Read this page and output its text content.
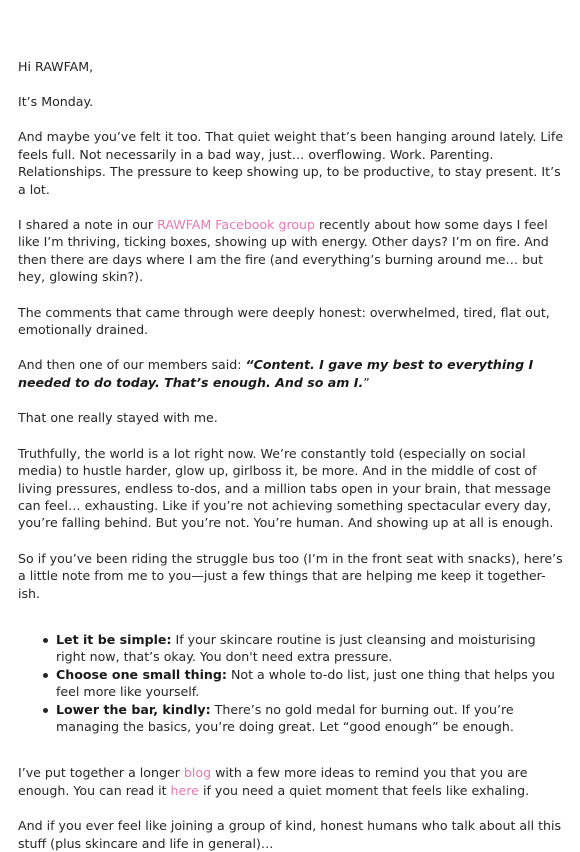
Hi RAWFAM,

It’s Monday.

And maybe you’ve felt it too. That quiet weight that’s been hanging around lately. Life feels full. Not necessarily in a bad way, just… overflowing. Work. Parenting. Relationships. The pressure to keep showing up, to be productive, to stay present. It’s a lot.

I shared a note in our RAWFAM Facebook group recently about how some days I feel like I’m thriving, ticking boxes, showing up with energy. Other days? I’m on fire. And then there are days where I am the fire (and everything’s burning around me… but hey, glowing skin?).

The comments that came through were deeply honest: overwhelmed, tired, flat out, emotionally drained.

And then one of our members said: “Content. I gave my best to everything I needed to do today. That’s enough. And so am I.”

That one really stayed with me.

Truthfully, the world is a lot right now. We’re constantly told (especially on social media) to hustle harder, glow up, girlboss it, be more. And in the middle of cost of living pressures, endless to-dos, and a million tabs open in your brain, that message can feel… exhausting. Like if you’re not achieving something spectacular every day, you’re falling behind. But you’re not. You’re human. And showing up at all is enough.

So if you’ve been riding the struggle bus too (I’m in the front seat with snacks), here’s a little note from me to you—just a few things that are helping me keep it together-ish.

Let it be simple: If your skincare routine is just cleansing and moisturising right now, that’s okay. You don't need extra pressure.
Choose one small thing: Not a whole to-do list, just one thing that helps you feel more like yourself.
Lower the bar, kindly: There’s no gold medal for burning out. If you’re managing the basics, you’re doing great. Let “good enough” be enough.

I’ve put together a longer blog with a few more ideas to remind you that you are enough. You can read it here if you need a quiet moment that feels like exhaling.

And if you ever feel like joining a group of kind, honest humans who talk about all this stuff (plus skincare and life in general)…
